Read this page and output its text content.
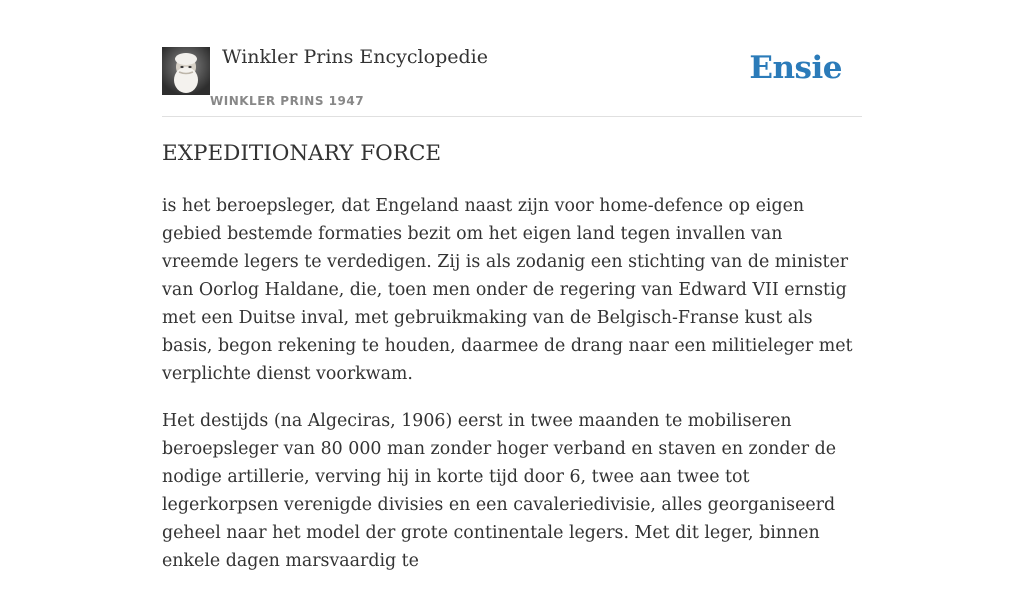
Winkler Prins Encyclopedie
WINKLER PRINS 1947
Ensie
EXPEDITIONARY FORCE

is het beroepsleger, dat Engeland naast zijn voor home-defence op eigen gebied bestemde formaties bezit om het eigen land tegen invallen van vreemde legers te verdedigen. Zij is als zodanig een stichting van de minister van Oorlog Haldane, die, toen men onder de regering van Edward VII ernstig met een Duitse inval, met gebruikmaking van de Belgisch-Franse kust als basis, begon rekening te houden, daarmee de drang naar een militieleger met verplichte dienst voorkwam.

Het destijds (na Algeciras, 1906) eerst in twee maanden te mobiliseren beroepsleger van 80 000 man zonder hoger verband en staven en zonder de nodige artillerie, verving hij in korte tijd door 6, twee aan twee tot legerkorpsen verenigde divisies en een cavaleriedivisie, alles georganiseerd geheel naar het model der grote continentale legers. Met dit leger, binnen enkele dagen marsvaardig te
